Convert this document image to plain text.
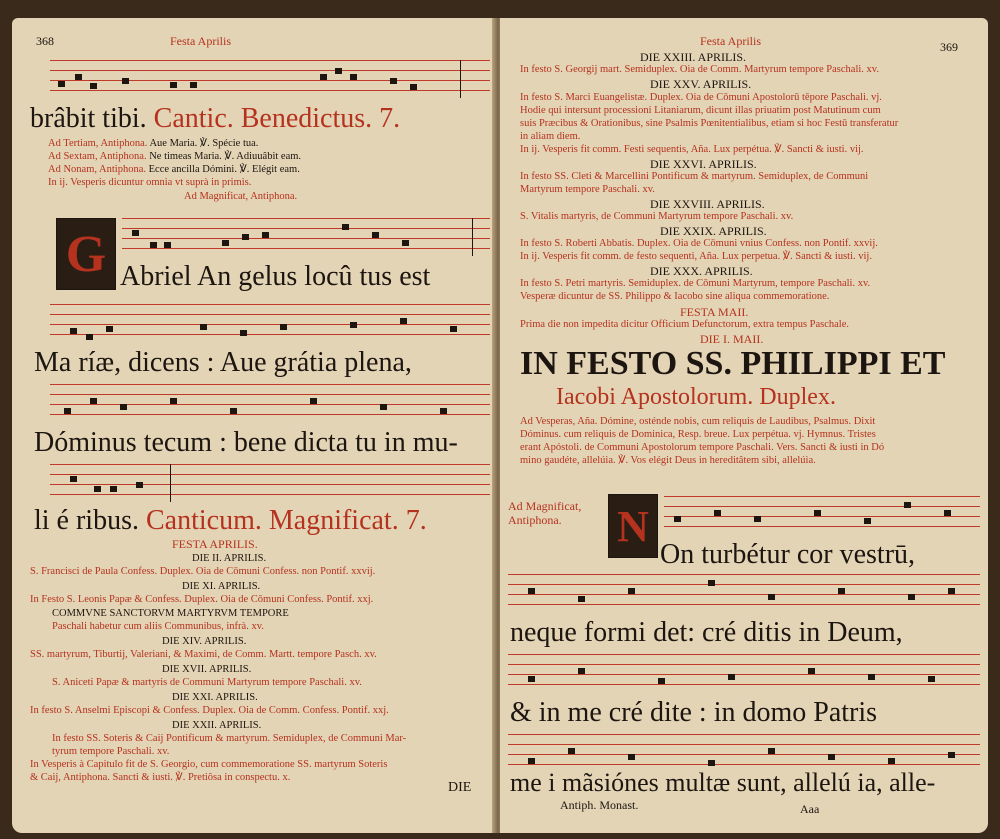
368	Festa Aprilis
brâbit tibi. Cantic. Benedictus. 7.
Ad Tertiam, Antiphona. Aue Maria. ℣. Spécie tua.
Ad Sextam, Antiphona. Ne timeas Maria. ℣. Adiuuâbit eam.
Ad Nonam, Antiphona. Ecce ancilla Dómini. ℣. Elégit eam.
In ij. Vesperis dicuntur omnia vt suprà in primis.
Ad Magnificat, Antiphona.
G Abriel An gelus locû tus est
Ma ríæ, dicens : Aue grátia plena,
Dóminus tecum : bene dicta tu in mu-
li é ribus. Canticum. Magnificat. 7.
FESTA APRILIS.
DIE II. APRILIS.
S. Francisci de Paula Confess. Duplex. Oia de Cōmuni Confess. non Pontif. xxvij.
DIE XI. APRILIS.
In Festo S. Leonis Papæ & Confess. Duplex. Oia de Cōmuni Confess. Pontif. xxj.
COMMVNE SANCTORVM MARTYRVM TEMPORE
Paschali habetur cum aliis Communibus, infrà. xv.
DIE XIV. APRILIS.
SS. martyrum, Tiburtij, Valeriani, & Maximi, de Comm. Martt. tempore Pasch. xv.
DIE XVII. APRILIS.
S. Aniceti Papæ & martyris de Communi Martyrum tempore Paschali. xv.
DIE XXI. APRILIS.
In festo S. Anselmi Episcopi & Confess. Duplex. Oia de Comm. Confess. Pontif. xxj.
DIE XXII. APRILIS.
In festo SS. Soteris & Caij Pontificum & martyrum. Semiduplex, de Communi Mar-
tyrum tempore Paschali. xv.
In Vesperis à Capitulo fit de S. Georgio, cum commemoratione SS. martyrum Soteris
& Caij, Antiphona. Sancti & iusti. ℣. Pretiôsa in conspectu. x.
DIE
Festa Aprilis	369
DIE XXIII. APRILIS.
In festo S. Georgij mart. Semiduplex. Oia de Comm. Martyrum tempore Paschali. xv.
DIE XXV. APRILIS.
In festo S. Marci Euangelistæ. Duplex. Oia de Cōmuni Apostolorū tēpore Paschali. vj.
Hodie qui intersunt processioni Litaniarum, dicunt illas priuatim post Matutinum cum
suis Præcibus & Orationibus, sine Psalmis Pœnitentialibus, etiam si hoc Festū transferatur
in aliam diem.
In ij. Vesperis fit comm. Festi sequentis, Aña. Lux perpétua. ℣. Sancti & iusti. vij.
DIE XXVI. APRILIS.
In festo SS. Cleti & Marcellini Pontificum & martyrum. Semiduplex, de Communi
Martyrum tempore Paschali. xv.
DIE XXVIII. APRILIS.
S. Vitalis martyris, de Communi Martyrum tempore Paschali. xv.
DIE XXIX. APRILIS.
In festo S. Roberti Abbatis. Duplex. Oia de Cōmuni vnius Confess. non Pontif. xxvij.
In ij. Vesperis fit comm. de festo sequenti, Aña. Lux perpetua. ℣. Sancti & iusti. vij.
DIE XXX. APRILIS.
In festo S. Petri martyris. Semiduplex. de Cōmuni Martyrum, tempore Paschali. xv.
Vesperæ dicuntur de SS. Philippo & Iacobo sine aliqua commemoratione.
FESTA MAII.
Prima die non impedita dicitur Officium Defunctorum, extra tempus Paschale.
DIE I. MAII.
IN FESTO SS. PHILIPPI ET
Iacobi Apostolorum. Duplex.
Ad Vesperas, Aña. Dómine, osténde nobis, cum reliquis de Laudibus, Psalmus. Dixit
Dóminus. cum reliquis de Dominica, Resp. breue. Lux perpétua. vj. Hymnus. Tristes
erant Apóstoli. de Communi Apostolorum tempore Paschali. Vers. Sancti & iusti in Dó
mino gaudéte, allelúia. ℣. Vos elégit Deus in hereditâtem sibi, allelúia.
Ad Magnificat,
Antiphona. N
On turbétur cor vestrū,
neque formi det: cré ditis in Deum,
& in me cré dite : in domo Patris
me i mãsiónes multæ sunt, allelú ia, alle-
Antiph. Monast.	Aaa
